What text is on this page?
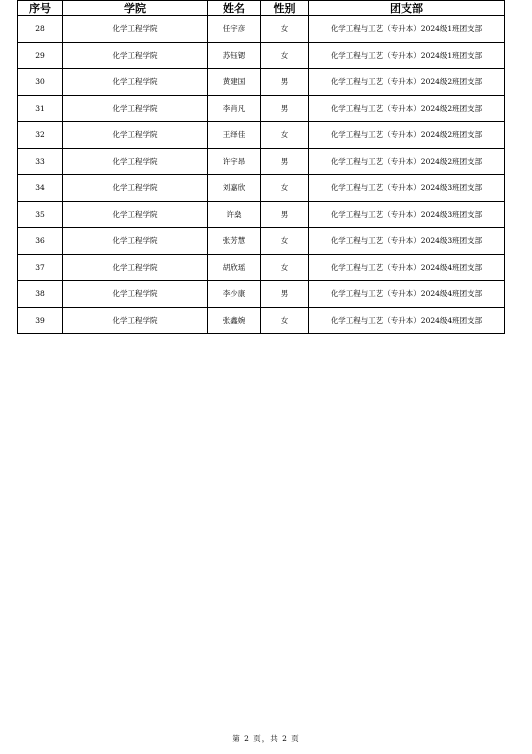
序号	学院	姓名	性别	团支部
28	化学工程学院	任宇彦	女	化学工程与工艺（专升本）2024级1班团支部
29	化学工程学院	苏钰锶	女	化学工程与工艺（专升本）2024级1班团支部
30	化学工程学院	黄建国	男	化学工程与工艺（专升本）2024级2班团支部
31	化学工程学院	李肖凡	男	化学工程与工艺（专升本）2024级2班团支部
32	化学工程学院	王绎佳	女	化学工程与工艺（专升本）2024级2班团支部
33	化学工程学院	许宇昂	男	化学工程与工艺（专升本）2024级2班团支部
34	化学工程学院	刘嘉欣	女	化学工程与工艺（专升本）2024级3班团支部
35	化学工程学院	许燊	男	化学工程与工艺（专升本）2024级3班团支部
36	化学工程学院	张芳慧	女	化学工程与工艺（专升本）2024级3班团支部
37	化学工程学院	胡欣瑶	女	化学工程与工艺（专升本）2024级4班团支部
38	化学工程学院	李少康	男	化学工程与工艺（专升本）2024级4班团支部
39	化学工程学院	张鑫婉	女	化学工程与工艺（专升本）2024级4班团支部
第 2 页，共 2 页
